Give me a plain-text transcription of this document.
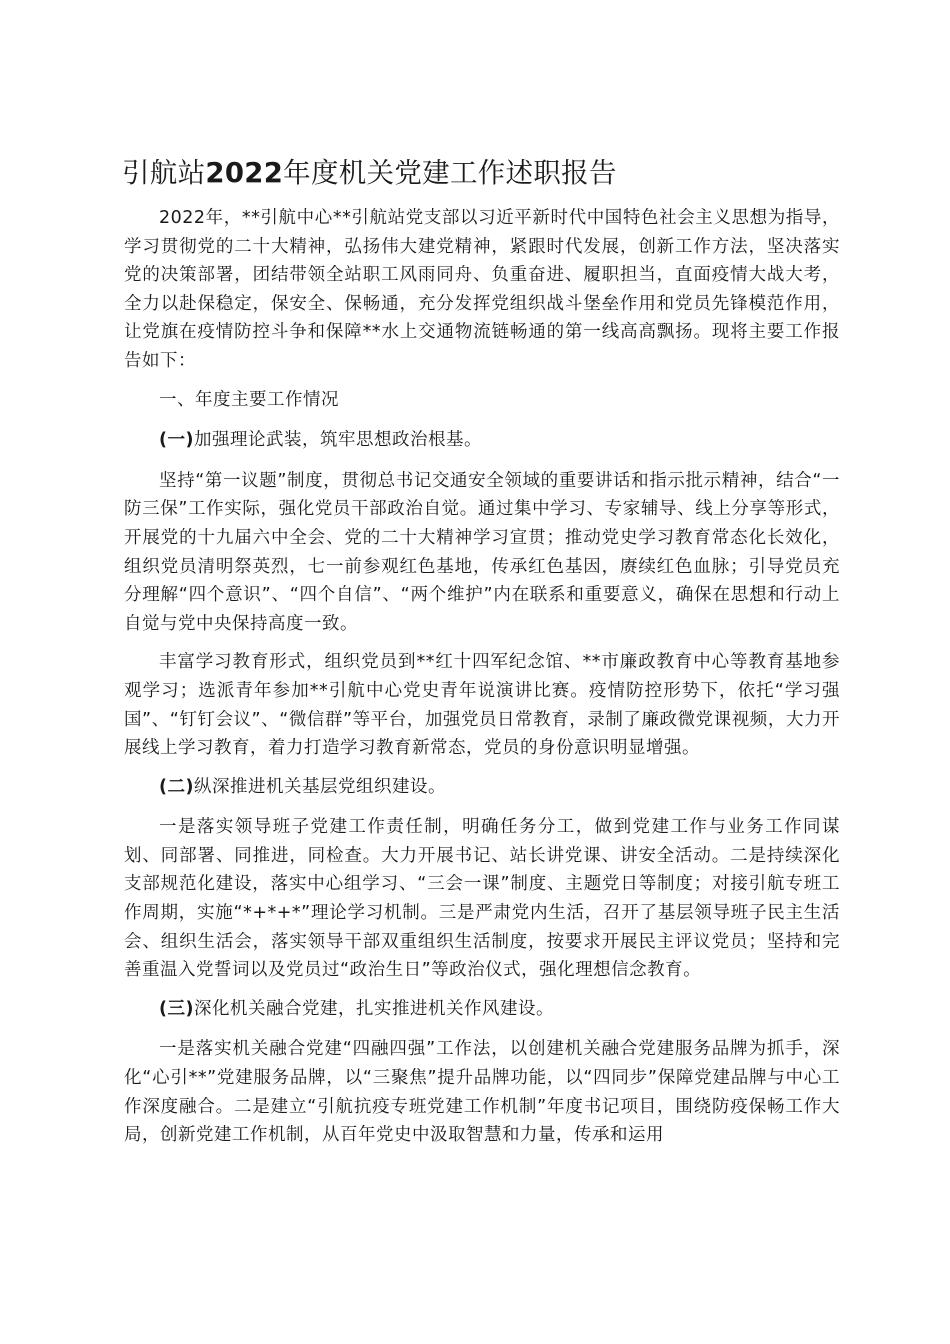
引航站2022年度机关党建工作述职报告

2022年，**引航中心**引航站党支部以习近平新时代中国特色社会主义思想为指导，学习贯彻党的二十大精神，弘扬伟大建党精神，紧跟时代发展，创新工作方法，坚决落实党的决策部署，团结带领全站职工风雨同舟、负重奋进、履职担当，直面疫情大战大考，全力以赴保稳定，保安全、保畅通，充分发挥党组织战斗堡垒作用和党员先锋模范作用，让党旗在疫情防控斗争和保障**水上交通物流链畅通的第一线高高飘扬。现将主要工作报告如下：

一、年度主要工作情况

(一)加强理论武装，筑牢思想政治根基。

坚持“第一议题”制度，贯彻总书记交通安全领域的重要讲话和指示批示精神，结合“一防三保”工作实际，强化党员干部政治自觉。通过集中学习、专家辅导、线上分享等形式，开展党的十九届六中全会、党的二十大精神学习宣贯；推动党史学习教育常态化长效化，组织党员清明祭英烈，七一前参观红色基地，传承红色基因，赓续红色血脉；引导党员充分理解“四个意识”、“四个自信”、“两个维护”内在联系和重要意义，确保在思想和行动上自觉与党中央保持高度一致。

丰富学习教育形式，组织党员到**红十四军纪念馆、**市廉政教育中心等教育基地参观学习；选派青年参加**引航中心党史青年说演讲比赛。疫情防控形势下，依托“学习强国”、“钉钉会议”、“微信群”等平台，加强党员日常教育，录制了廉政微党课视频，大力开展线上学习教育，着力打造学习教育新常态，党员的身份意识明显增强。

(二)纵深推进机关基层党组织建设。

一是落实领导班子党建工作责任制，明确任务分工，做到党建工作与业务工作同谋划、同部署、同推进，同检查。大力开展书记、站长讲党课、讲安全活动。二是持续深化支部规范化建设，落实中心组学习、“三会一课”制度、主题党日等制度；对接引航专班工作周期，实施“*+*+*”理论学习机制。三是严肃党内生活，召开了基层领导班子民主生活会、组织生活会，落实领导干部双重组织生活制度，按要求开展民主评议党员；坚持和完善重温入党誓词以及党员过“政治生日”等政治仪式，强化理想信念教育。

(三)深化机关融合党建，扎实推进机关作风建设。

一是落实机关融合党建“四融四强”工作法，以创建机关融合党建服务品牌为抓手，深化“心引**”党建服务品牌，以“三聚焦”提升品牌功能，以“四同步”保障党建品牌与中心工作深度融合。二是建立“引航抗疫专班党建工作机制”年度书记项目，围绕防疫保畅工作大局，创新党建工作机制，从百年党史中汲取智慧和力量，传承和运用
